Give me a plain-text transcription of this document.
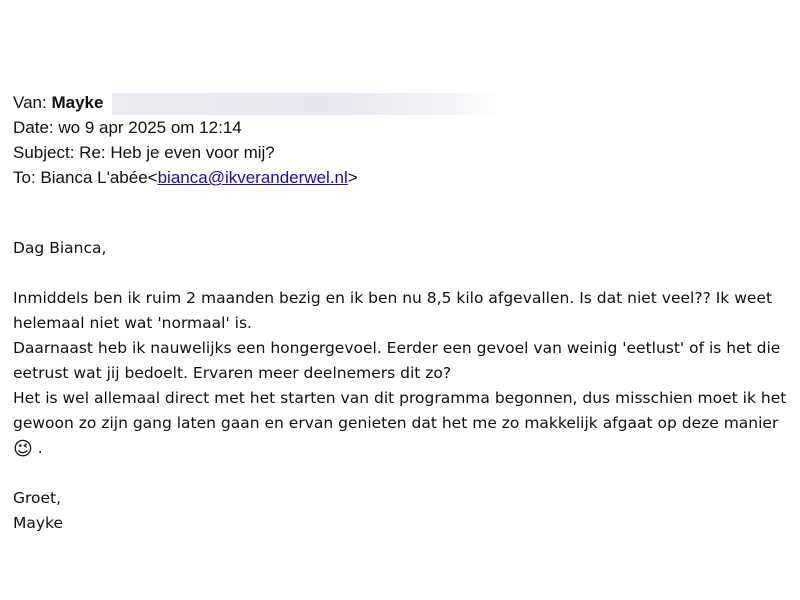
Van: Mayke
Date: wo 9 apr 2025 om 12:14
Subject: Re: Heb je even voor mij?
To: Bianca L'abée<bianca@ikveranderwel.nl>

Dag Bianca,

Inmiddels ben ik ruim 2 maanden bezig en ik ben nu 8,5 kilo afgevallen. Is dat niet veel?? Ik weet

helemaal niet wat 'normaal' is.

Daarnaast heb ik nauwelijks een hongergevoel. Eerder een gevoel van weinig 'eetlust' of is het die

eetrust wat jij bedoelt. Ervaren meer deelnemers dit zo?

Het is wel allemaal direct met het starten van dit programma begonnen, dus misschien moet ik het

gewoon zo zijn gang laten gaan en ervan genieten dat het me zo makkelijk afgaat op deze manier 😉 .

Groet,

Mayke
